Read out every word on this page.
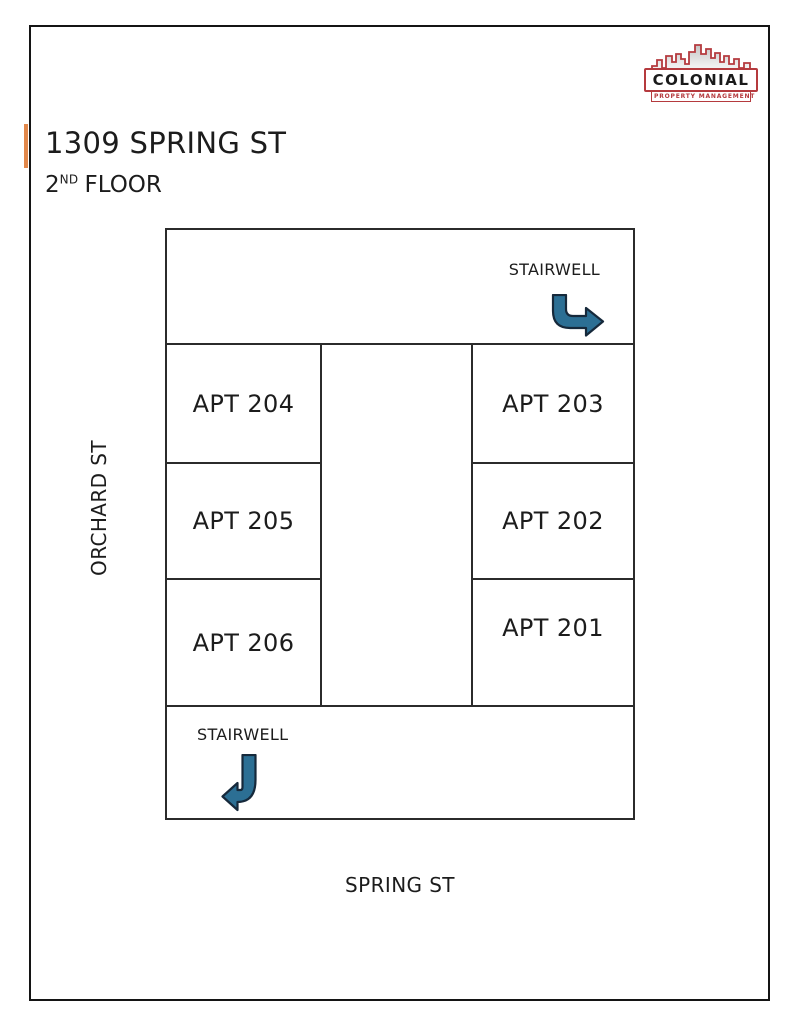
1309 SPRING ST
2ND FLOOR
COLONIAL
PROPERTY MANAGEMENT
STAIRWELL
APT 204
APT 205
APT 206
APT 203
APT 202
APT 201
STAIRWELL
ORCHARD ST
SPRING ST
